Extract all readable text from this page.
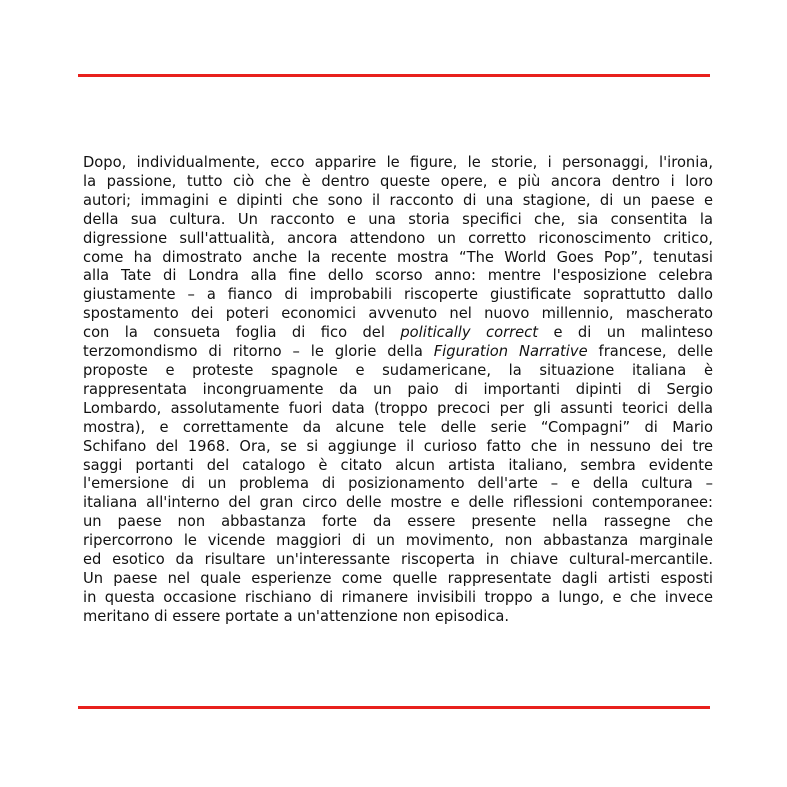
Dopo, individualmente, ecco apparire le figure, le storie, i personaggi, l'ironia,
la passione, tutto ciò che è dentro queste opere, e più ancora dentro i loro
autori; immagini e dipinti che sono il racconto di una stagione, di un paese e
della sua cultura. Un racconto e una storia specifici che, sia consentita la
digressione sull'attualità, ancora attendono un corretto riconoscimento critico,
come ha dimostrato anche la recente mostra “The World Goes Pop”, tenutasi
alla Tate di Londra alla fine dello scorso anno: mentre l'esposizione celebra
giustamente – a fianco di improbabili riscoperte giustificate soprattutto dallo
spostamento dei poteri economici avvenuto nel nuovo millennio, mascherato
con la consueta foglia di fico del politically correct e di un malinteso
terzomondismo di ritorno – le glorie della Figuration Narrative francese, delle
proposte e proteste spagnole e sudamericane, la situazione italiana è
rappresentata incongruamente da un paio di importanti dipinti di Sergio
Lombardo, assolutamente fuori data (troppo precoci per gli assunti teorici della
mostra), e correttamente da alcune tele delle serie “Compagni” di Mario
Schifano del 1968. Ora, se si aggiunge il curioso fatto che in nessuno dei tre
saggi portanti del catalogo è citato alcun artista italiano, sembra evidente
l'emersione di un problema di posizionamento dell'arte – e della cultura –
italiana all'interno del gran circo delle mostre e delle riflessioni contemporanee:
un paese non abbastanza forte da essere presente nella rassegne che
ripercorrono le vicende maggiori di un movimento, non abbastanza marginale
ed esotico da risultare un'interessante riscoperta in chiave cultural-mercantile.
Un paese nel quale esperienze come quelle rappresentate dagli artisti esposti
in questa occasione rischiano di rimanere invisibili troppo a lungo, e che invece
meritano di essere portate a un'attenzione non episodica.
